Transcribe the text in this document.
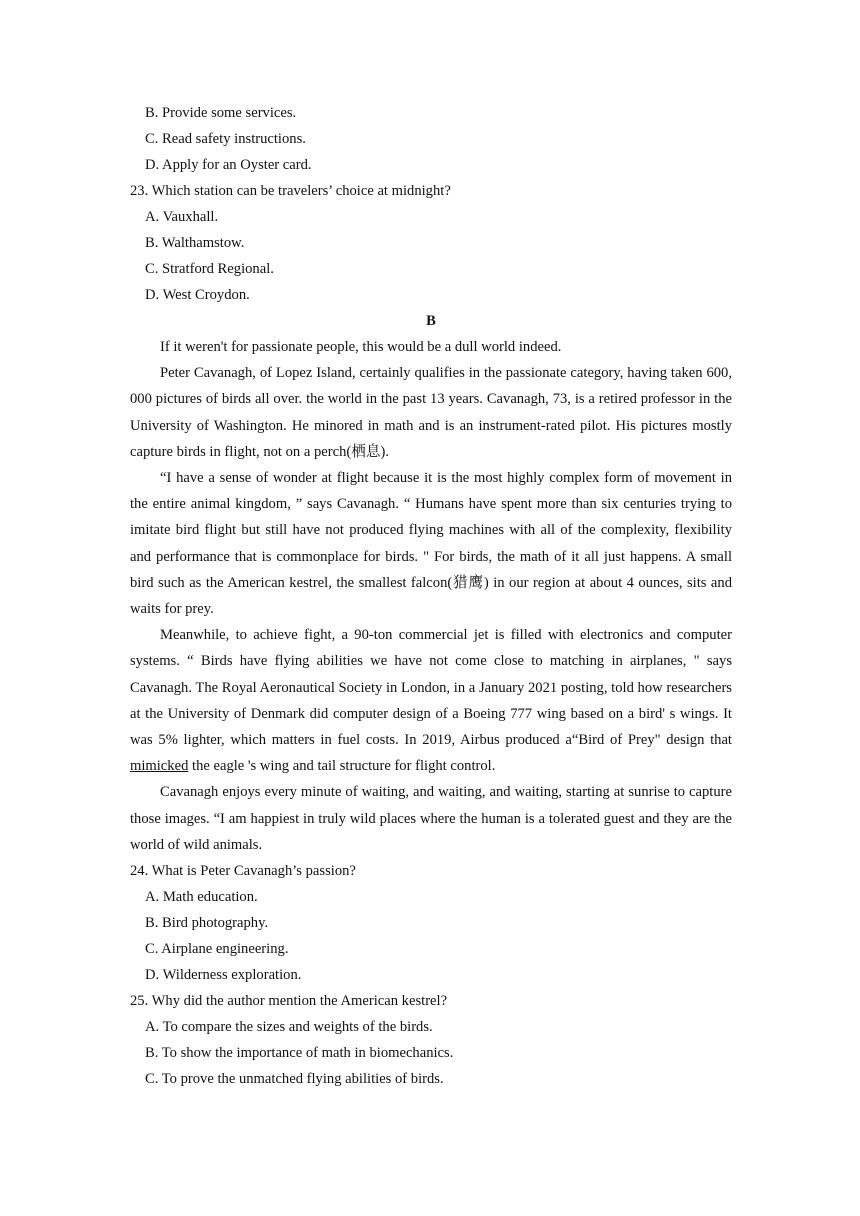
B. Provide some services.
C. Read safety instructions.
D. Apply for an Oyster card.
23. Which station can be travelers’ choice at midnight?
A. Vauxhall.
B. Walthamstow.
C. Stratford Regional.
D. West Croydon.
B

If it weren't for passionate people, this would be a dull world indeed.

Peter Cavanagh, of Lopez Island, certainly qualifies in the passionate category, having taken 600, 000 pictures of birds all over. the world in the past 13 years. Cavanagh, 73, is a retired professor in the University of Washington. He minored in math and is an instrument-rated pilot. His pictures mostly capture birds in flight, not on a perch(栖息).

“I have a sense of wonder at flight because it is the most highly complex form of movement in the entire animal kingdom, ” says Cavanagh. “ Humans have spent more than six centuries trying to imitate bird flight but still have not produced flying machines with all of the complexity, flexibility and performance that is commonplace for birds. " For birds, the math of it all just happens. A small bird such as the American kestrel, the smallest falcon(猎鹰) in our region at about 4 ounces, sits and waits for prey.

Meanwhile, to achieve fight, a 90-ton commercial jet is filled with electronics and computer systems. “ Birds have flying abilities we have not come close to matching in airplanes, " says Cavanagh. The Royal Aeronautical Society in London, in a January 2021 posting, told how researchers at the University of Denmark did computer design of a Boeing 777 wing based on a bird' s wings. It was 5% lighter, which matters in fuel costs. In 2019, Airbus produced a“Bird of Prey" design that mimicked the eagle 's wing and tail structure for flight control.

Cavanagh enjoys every minute of waiting, and waiting, and waiting, starting at sunrise to capture those images. “I am happiest in truly wild places where the human is a tolerated guest and they are the world of wild animals.

24. What is Peter Cavanagh’s passion?
A. Math education.
B. Bird photography.
C. Airplane engineering.
D. Wilderness exploration.
25. Why did the author mention the American kestrel?
A. To compare the sizes and weights of the birds.
B. To show the importance of math in biomechanics.
C. To prove the unmatched flying abilities of birds.
